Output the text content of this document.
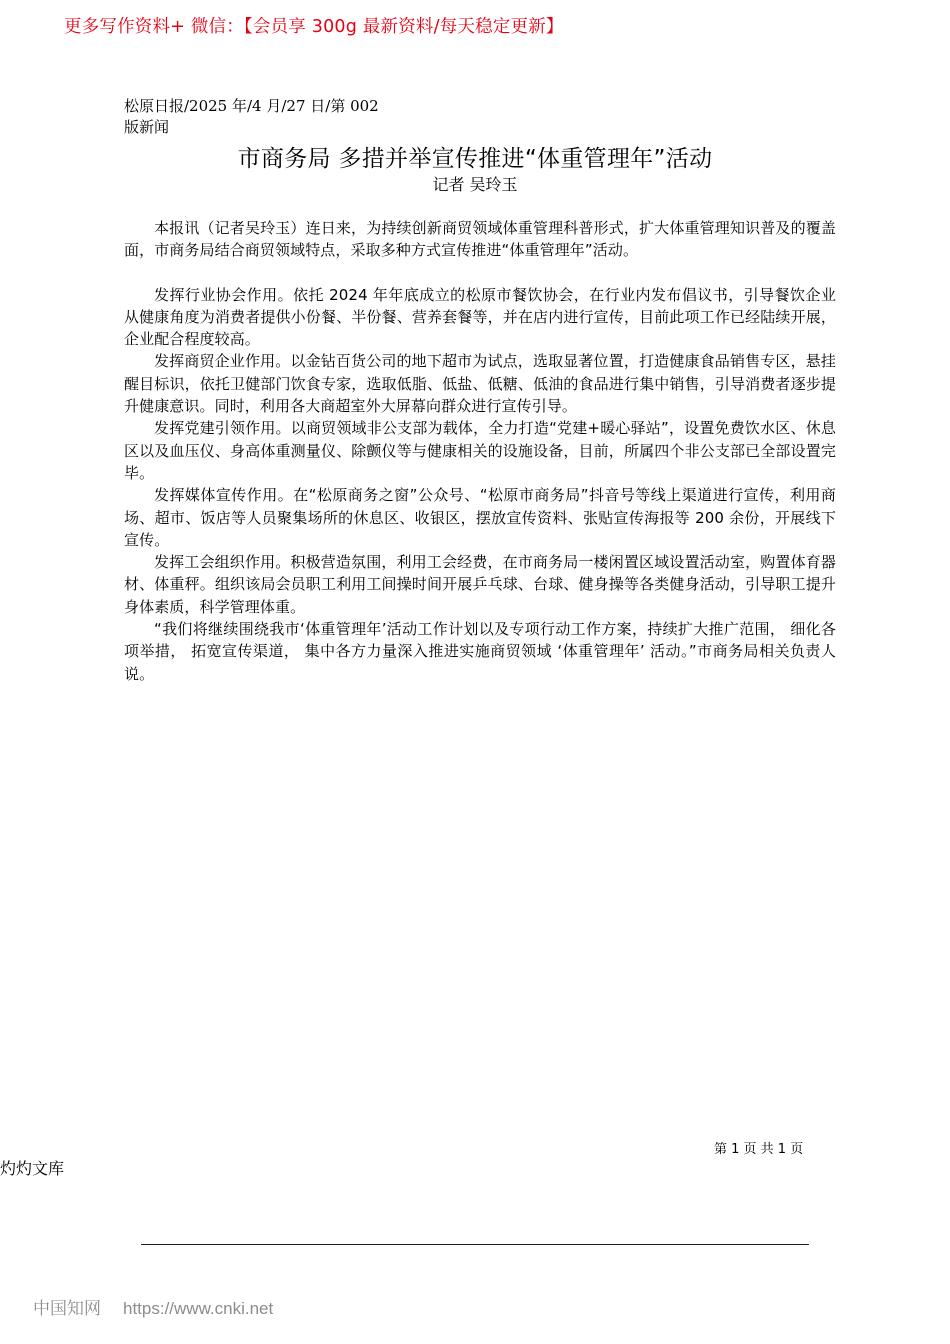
更多写作资料+ 微信：【会员享 300g 最新资料/每天稳定更新】
松原日报/2025 年/4 月/27 日/第 002 版新闻
市商务局 多措并举宣传推进“体重管理年”活动
记者 吴玲玉

本报讯（记者吴玲玉）连日来，为持续创新商贸领域体重管理科普形式，扩大体重管理知识普及的覆盖面，市商务局结合商贸领域特点，采取多种方式宣传推进“体重管理年”活动。

发挥行业协会作用。依托 2024 年年底成立的松原市餐饮协会，在行业内发布倡议书，引导餐饮企业从健康角度为消费者提供小份餐、半份餐、营养套餐等，并在店内进行宣传，目前此项工作已经陆续开展，企业配合程度较高。

发挥商贸企业作用。以金钻百货公司的地下超市为试点，选取显著位置，打造健康食品销售专区，悬挂醒目标识，依托卫健部门饮食专家，选取低脂、低盐、低糖、低油的食品进行集中销售，引导消费者逐步提升健康意识。同时，利用各大商超室外大屏幕向群众进行宣传引导。

发挥党建引领作用。以商贸领域非公支部为载体，全力打造“党建+暖心驿站”，设置免费饮水区、休息区以及血压仪、身高体重测量仪、除颤仪等与健康相关的设施设备，目前，所属四个非公支部已全部设置完毕。

发挥媒体宣传作用。在“松原商务之窗”公众号、“松原市商务局”抖音号等线上渠道进行宣传，利用商场、超市、饭店等人员聚集场所的休息区、收银区，摆放宣传资料、张贴宣传海报等 200 余份，开展线下宣传。

发挥工会组织作用。积极营造氛围，利用工会经费，在市商务局一楼闲置区域设置活动室，购置体育器材、体重秤。组织该局会员职工利用工间操时间开展乒乓球、台球、健身操等各类健身活动，引导职工提升身体素质，科学管理体重。

“我们将继续围绕我市‘体重管理年’活动工作计划以及专项行动工作方案，持续扩大推广范围， 细化各项举措， 拓宽宣传渠道， 集中各方力量深入推进实施商贸领域 ‘体重管理年’ 活动。”市商务局相关负责人说。

第 1 页 共 1 页
灼灼文库
中国知网 https://www.cnki.net
